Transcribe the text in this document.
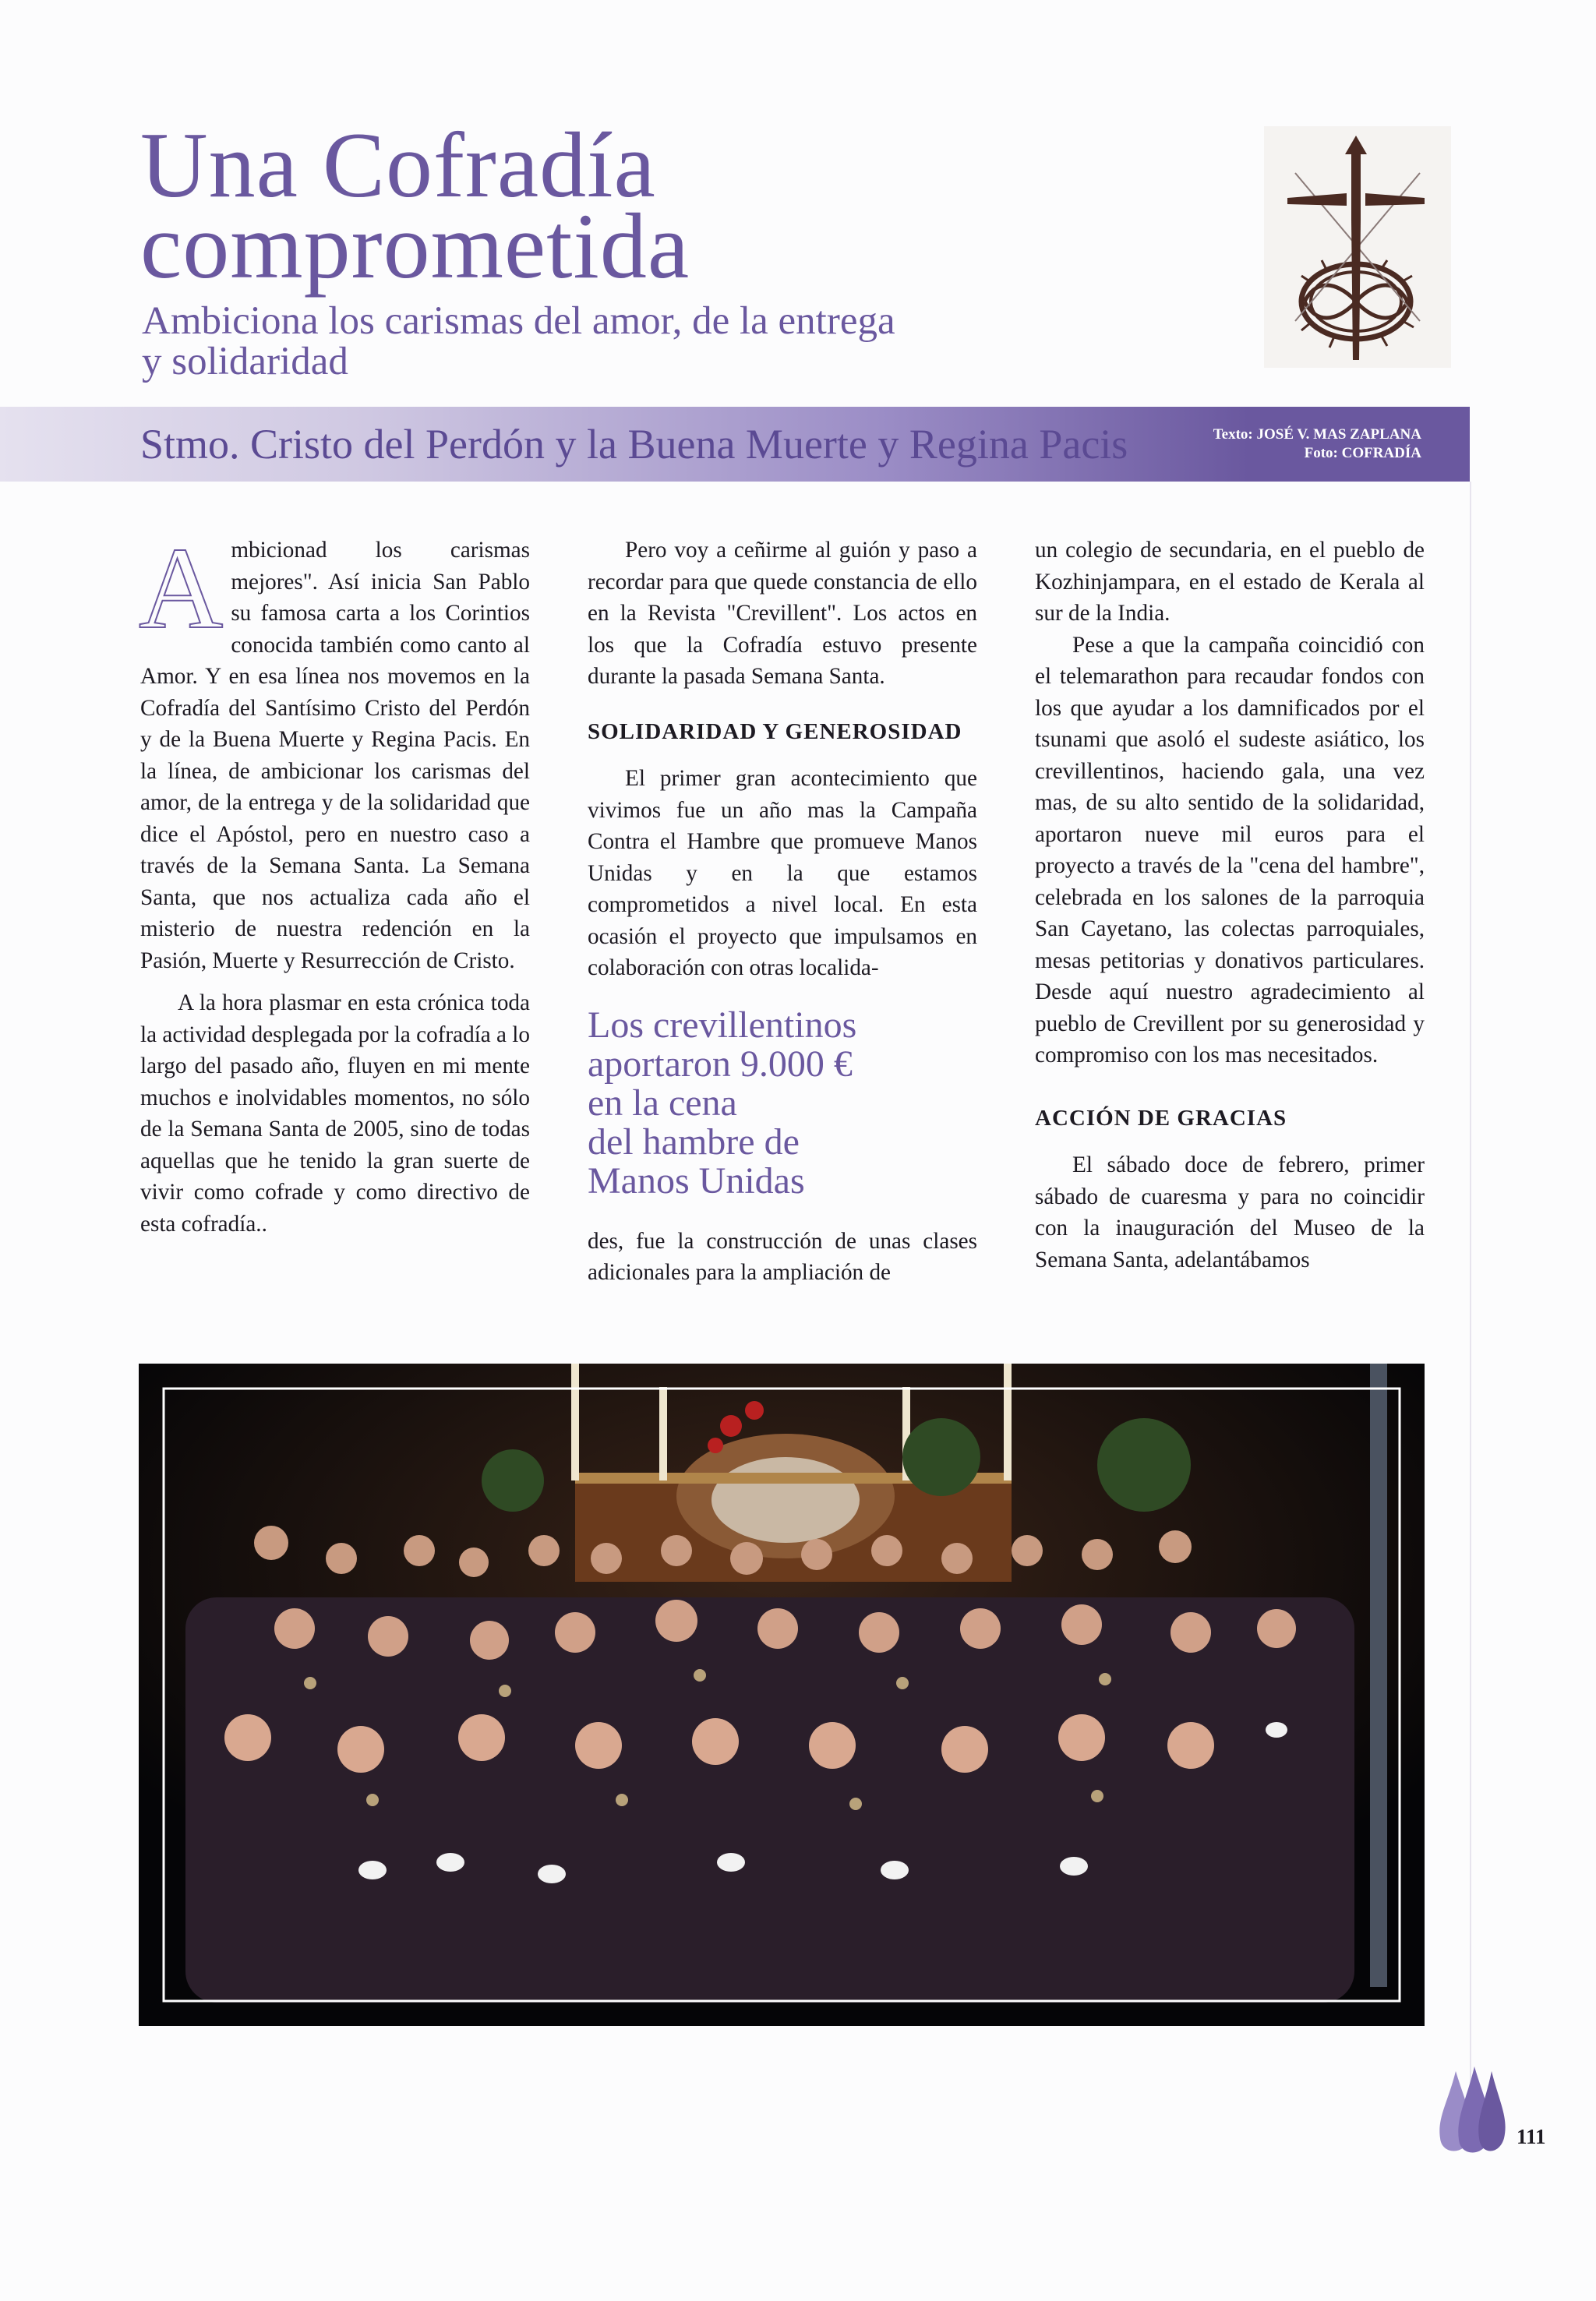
Una Cofradía
comprometida
Ambiciona los carismas del amor, de la entrega
y solidaridad
Stmo. Cristo del Perdón y la Buena Muerte y Regina Pacis	Texto: JOSÉ V. MAS ZAPLANA
Foto: COFRADÍA

Ambicionad los carismas mejores". Así inicia San Pablo su famosa carta a los Corintios conocida también como canto al Amor. Y en esa línea nos movemos en la Cofradía del Santísimo Cristo del Perdón y de la Buena Muerte y Regina Pacis. En la línea, de ambicionar los carismas del amor, de la entrega y de la solidaridad que dice el Apóstol, pero en nuestro caso a través de la Semana Santa. La Semana Santa, que nos actualiza cada año el misterio de nuestra redención en la Pasión, Muerte y Resurrección de Cristo.

A la hora plasmar en esta crónica toda la actividad desplegada por la cofradía a lo largo del pasado año, fluyen en mi mente muchos e inolvidables momentos, no sólo de la Semana Santa de 2005, sino de todas aquellas que he tenido la gran suerte de vivir como cofrade y como directivo de esta cofradía..

Pero voy a ceñirme al guión y paso a recordar para que quede constancia de ello en la Revista "Crevillent". Los actos en los que la Cofradía estuvo presente durante la pasada Semana Santa.

SOLIDARIDAD Y GENEROSIDAD

El primer gran acontecimiento que vivimos fue un año mas la Campaña Contra el Hambre que promueve Manos Unidas y en la que estamos comprometidos a nivel local. En esta ocasión el proyecto que impulsamos en colaboración con otras localida-

Los crevillentinos
aportaron 9.000 €
en la cena
del hambre de
Manos Unidas

des, fue la construcción de unas clases adicionales para la ampliación de

un colegio de secundaria, en el pueblo de Kozhinjampara, en el estado de Kerala al sur de la India.

Pese a que la campaña coincidió con el telemarathon para recaudar fondos con los que ayudar a los damnificados por el tsunami que asoló el sudeste asiático, los crevillentinos, haciendo gala, una vez mas, de su alto sentido de la solidaridad, aportaron nueve mil euros para el proyecto a través de la "cena del hambre", celebrada en los salones de la parroquia San Cayetano, las colectas parroquiales, mesas petitorias y donativos particulares. Desde aquí nuestro agradecimiento al pueblo de Crevillent por su generosidad y compromiso con los mas necesitados.

ACCIÓN DE GRACIAS

El sábado doce de febrero, primer sábado de cuaresma y para no coincidir con la inauguración del Museo de la Semana Santa, adelantábamos

111
